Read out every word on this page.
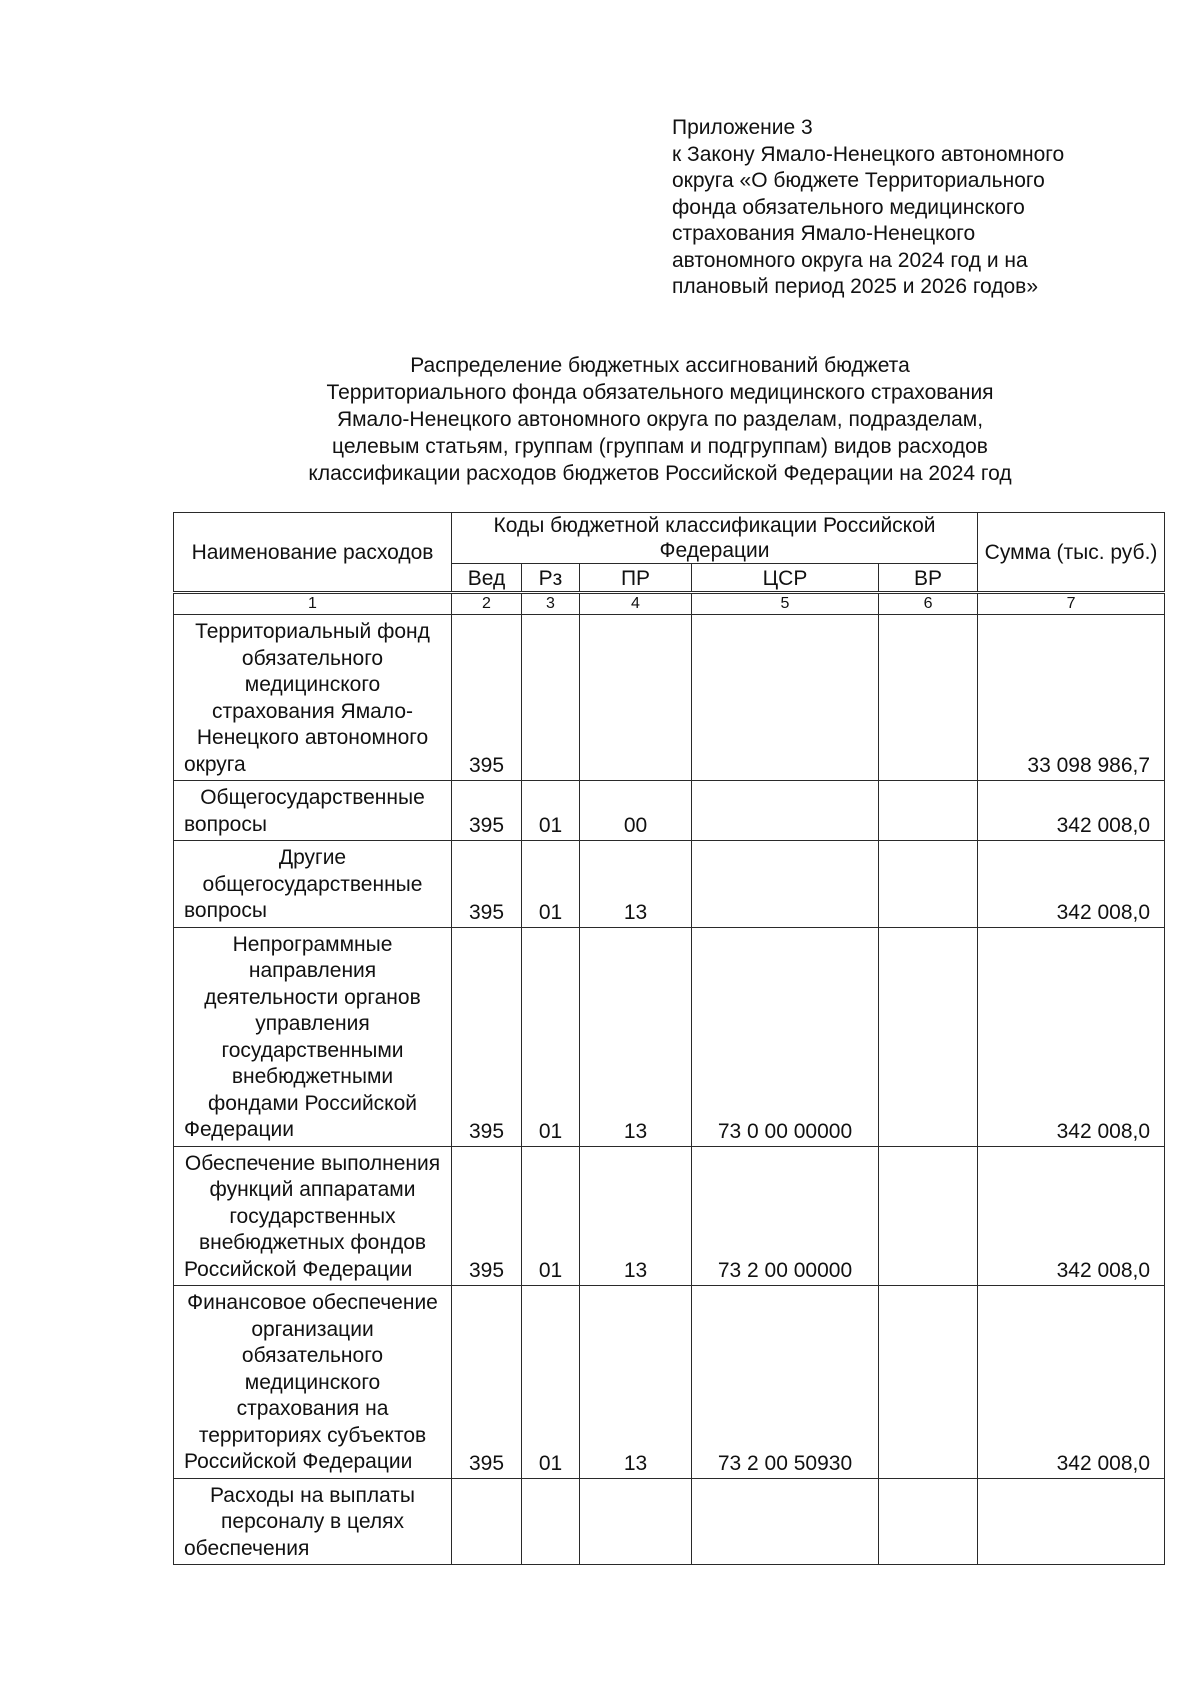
Приложение 3
к Закону Ямало-Ненецкого автономного
округа «О бюджете Территориального
фонда обязательного медицинского
страхования Ямало-Ненецкого
автономного округа на 2024 год и на
плановый период 2025 и 2026 годов»
Распределение бюджетных ассигнований бюджета
Территориального фонда обязательного медицинского страхования
Ямало-Ненецкого автономного округа по разделам, подразделам,
целевым статьям, группам (группам и подгруппам) видов расходов
классификации расходов бюджетов Российской Федерации на 2024 год
Наименование расходов	Коды бюджетной классификации Российской Федерации					Сумма (тыс. руб.)
	Вед	Рз	ПР	ЦСР	ВР	
1	2	3	4	5	6	7
Территориальный фонд обязательного медицинского страхования Ямало-Ненецкого автономного округа	395					33 098 986,7
Общегосударственные вопросы	395	01	00			342 008,0
Другие общегосударственные вопросы	395	01	13			342 008,0
Непрограммные направления деятельности органов управления государственными внебюджетными фондами Российской Федерации	395	01	13	73 0 00 00000		342 008,0
Обеспечение выполнения функций аппаратами государственных внебюджетных фондов Российской Федерации	395	01	13	73 2 00 00000		342 008,0
Финансовое обеспечение организации обязательного медицинского страхования на территориях субъектов Российской Федерации	395	01	13	73 2 00 50930		342 008,0
Расходы на выплаты персоналу в целях обеспечения						
